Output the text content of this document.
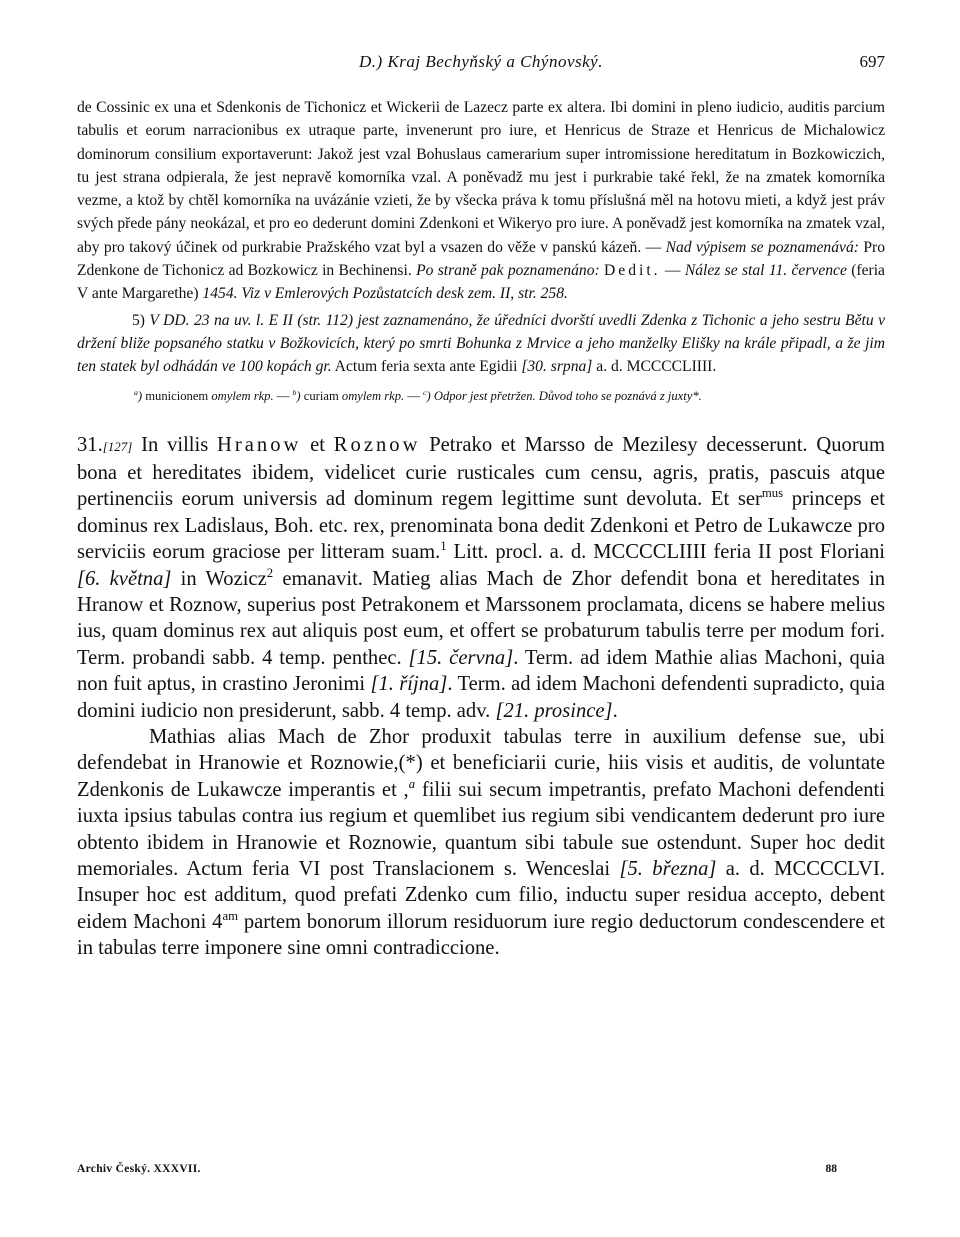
D.) Kraj Bechyňský a Chýnovský.	697

de Cossinic ex una et Sdenkonis de Tichonicz et Wickerii de Lazecz parte ex altera. Ibi domini in pleno iudicio, auditis parcium tabulis et eorum narracionibus ex utraque parte, invenerunt pro iure, et Henricus de Straze et Henricus de Michalowicz dominorum consilium exportaverunt: Jakož jest vzal Bohuslaus camerarium super intromissione hereditatum in Bozkowiczich, tu jest strana odpierala, že jest nepravě komorníka vzal. A poněvadž mu jest i purkrabie také řekl, že na zmatek komorníka vezme, a ktož by chtěl komorníka na uvázánie vzieti, že by všecka práva k tomu příslušná měl na hotovu mieti, a když jest práv svých přede pány neokázal, et pro eo dederunt domini Zdenkoni et Wikeryo pro iure. A poněvadž jest komorníka na zmatek vzal, aby pro takový účinek od purkrabie Pražského vzat byl a vsazen do věže v panskú kázeň. — Nad výpisem se poznamenává: Pro Zdenkone de Tichonicz ad Bozkowicz in Bechinensi. Po straně pak poznamenáno: Dedit. — Nález se stal 11. července (feria V ante Margarethe) 1454. Viz v Emlerových Pozůstatcích desk zem. II, str. 258.

5) V DD. 23 na uv. l. E II (str. 112) jest zaznamenáno, že úředníci dvorští uvedli Zdenka z Tichonic a jeho sestru Bětu v držení bliže popsaného statku v Božkovicích, který po smrti Bohunka z Mrvice a jeho manželky Elišky na krále připadl, a že jim ten statek byl odhádán ve 100 kopách gr. Actum feria sexta ante Egidii [30. srpna] a. d. MCCCCLIIII.

$^a$) municionem omylem rkp. — $^b$) curiam omylem rkp. — $^c$) Odpor jest přetržen. Důvod toho se poznává z juxty*.

31.[127] In villis Hranow et Roznow Petrako et Marsso de Mezilesy decesserunt. Quorum bona et hereditates ibidem, videlicet curie rusticales cum censu, agris, pratis, pascuis atque pertinenciis eorum universis ad dominum regem legittime sunt devoluta. Et ser$^{mus}$ princeps et dominus rex Ladislaus, Boh. etc. rex, prenominata bona dedit Zdenkoni et Petro de Lukawcze pro serviciis eorum graciose per litteram suam.$^1$ Litt. procl. a. d. MCCCCLIIII feria II post Floriani [6. května] in Wozicz$^2$ emanavit. Matieg alias Mach de Zhor defendit bona et hereditates in Hranow et Roznow, superius post Petrakonem et Marssonem proclamata, dicens se habere melius ius, quam dominus rex aut aliquis post eum, et offert se probaturum tabulis terre per modum fori. Term. probandi sabb. 4 temp. penthec. [15. června]. Term. ad idem Mathie alias Machoni, quia non fuit aptus, in crastino Jeronimi [1. října]. Term. ad idem Machoni defendenti supradicto, quia domini iudicio non presiderunt, sabb. 4 temp. adv. [21. prosince].

Mathias alias Mach de Zhor produxit tabulas terre in auxilium defense sue, ubi defendebat in Hranowie et Roznowie,(*) et beneficiarii curie, hiis visis et auditis, de voluntate Zdenkonis de Lukawcze imperantis et ,$^a$ filii sui secum impetrantis, prefato Machoni defendenti iuxta ipsius tabulas contra ius regium et quemlibet ius regium sibi vendicantem dederunt pro iure obtento ibidem in Hranowie et Roznowie, quantum sibi tabule sue ostendunt. Super hoc dedit memoriales. Actum feria VI post Translacionem s. Wenceslai [5. března] a. d. MCCCCLVI. Insuper hoc est additum, quod prefati Zdenko cum filio, inductu super residua accepto, debent eidem Machoni $4^{am}$ partem bonorum illorum residuorum iure regio deductorum condescendere et in tabulas terre imponere sine omni contradiccione.

Archiv Český. XXXVII.	88
